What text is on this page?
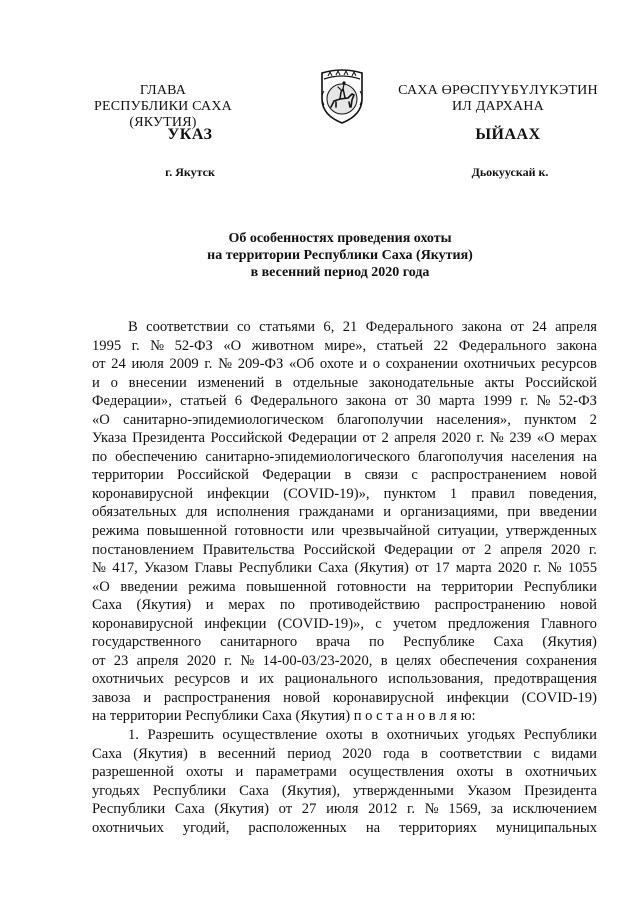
ГЛАВА
РЕСПУБЛИКИ САХА (ЯКУТИЯ)
САХА ӨРӨСПҮҮБҮЛҮКЭТИН
ИЛ ДАРХАНА
УКАЗ	ЫЙААХ
г. Якутск	Дьокуускай к.
Об особенностях проведения охоты
на территории Республики Саха (Якутия)
в весенний период 2020 года
В соответствии со статьями 6, 21 Федерального закона от 24 апреля
1995 г. № 52-ФЗ «О животном мире», статьей 22 Федерального закона
от 24 июля 2009 г. № 209-ФЗ «Об охоте и о сохранении охотничьих ресурсов
и о внесении изменений в отдельные законодательные акты Российской
Федерации», статьей 6 Федерального закона от 30 марта 1999 г. № 52-ФЗ
«О санитарно-эпидемиологическом благополучии населения», пунктом 2
Указа Президента Российской Федерации от 2 апреля 2020 г. № 239 «О мерах
по обеспечению санитарно-эпидемиологического благополучия населения на
территории Российской Федерации в связи с распространением новой
коронавирусной инфекции (COVID-19)», пунктом 1 правил поведения,
обязательных для исполнения гражданами и организациями, при введении
режима повышенной готовности или чрезвычайной ситуации, утвержденных
постановлением Правительства Российской Федерации от 2 апреля 2020 г.
№ 417, Указом Главы Республики Саха (Якутия) от 17 марта 2020 г. № 1055
«О введении режима повышенной готовности на территории Республики
Саха (Якутия) и мерах по противодействию распространению новой
коронавирусной инфекции (COVID-19)», с учетом предложения Главного
государственного санитарного врача по Республике Саха (Якутия)
от 23 апреля 2020 г. № 14-00-03/23-2020, в целях обеспечения сохранения
охотничьих ресурсов и их рационального использования, предотвращения
завоза и распространения новой коронавирусной инфекции (COVID-19)
на территории Республики Саха (Якутия) п о с т а н о в л я ю:
1. Разрешить осуществление охоты в охотничьих угодьях Республики
Саха (Якутия) в весенний период 2020 года в соответствии с видами
разрешенной охоты и параметрами осуществления охоты в охотничьих
угодьях Республики Саха (Якутия), утвержденными Указом Президента
Республики Саха (Якутия) от 27 июля 2012 г. № 1569, за исключением
охотничьих угодий, расположенных на территориях муниципальных
